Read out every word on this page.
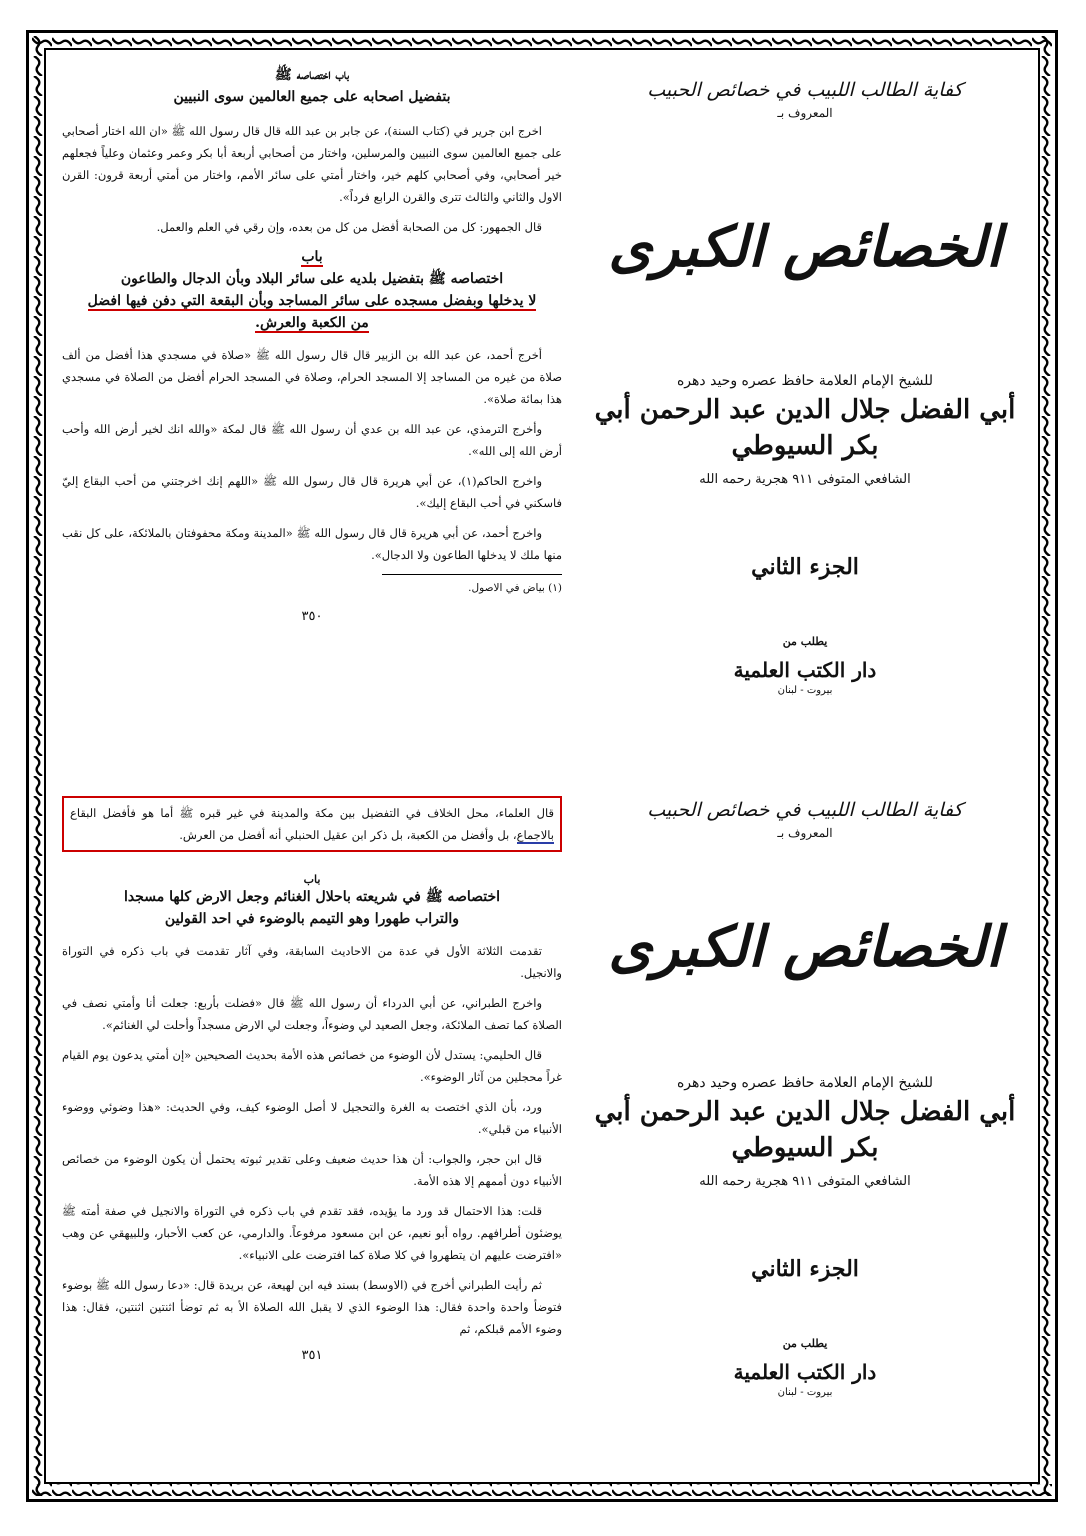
باب اختصاصه ﷺ
بتفضيل اصحابه على جميع العالمين سوى النبيين

اخرج ابن جرير في (كتاب السنة)، عن جابر بن عبد الله قال قال رسول الله ﷺ «ان الله اختار أصحابي على جميع العالمين سوى النبيين والمرسلين، واختار من أصحابي أربعة أبا بكر وعمر وعثمان وعلياً فجعلهم خير أصحابي، وفي أصحابي كلهم خير، واختار أمتي على سائر الأمم، واختار من أمتي أربعة قرون: القرن الاول والثاني والثالث تترى والقرن الرابع فرداً».

قال الجمهور: كل من الصحابة أفضل من كل من بعده، وإن رقي في العلم والعمل.

باب
اختصاصه ﷺ بتفضيل بلديه على سائر البلاد وبأن الدجال والطاعون
لا يدخلها وبفضل مسجده على سائر المساجد وبأن البقعة التي دفن فيها افضل
من الكعبة والعرش.

أخرج أحمد، عن عبد الله بن الزبير قال قال رسول الله ﷺ «صلاة في مسجدي هذا أفضل من ألف صلاة من غيره من المساجد إلا المسجد الحرام، وصلاة في المسجد الحرام أفضل من الصلاة في مسجدي هذا بمائة صلاة».

وأخرج الترمذي، عن عبد الله بن عدي أن رسول الله ﷺ قال لمكة «والله انك لخير أرض الله وأحب أرض الله إلى الله».

واخرج الحاكم(١)، عن أبي هريرة قال قال رسول الله ﷺ «اللهم إنك اخرجتني من أحب البقاع إليّ فاسكني في أحب البقاع إليك».

واخرج أحمد، عن أبي هريرة قال قال رسول الله ﷺ «المدينة ومكة محفوفتان بالملائكة، على كل نقب منها ملك لا يدخلها الطاعون ولا الدجال».

(١) بياض في الاصول.
٣٥٠
قال العلماء، محل الخلاف في التفضيل بين مكة والمدينة في غير قبره ﷺ أما هو فأفضل البقاع بالاجماع، بل وأفضل من الكعبة، بل ذكر ابن عقيل الحنبلي أنه أفضل من العرش.
باب
اختصاصه ﷺ في شريعته باحلال الغنائم وجعل الارض كلها مسجدا
والتراب طهورا وهو التيمم بالوضوء في احد القولين

تقدمت الثلاثة الأول في عدة من الاحاديث السابقة، وفي آثار تقدمت في باب ذكره في التوراة والانجيل.

واخرج الطبراني، عن أبي الدرداء أن رسول الله ﷺ قال «فضلت بأربع: جعلت أنا وأمتي نصف في الصلاة كما تصف الملائكة، وجعل الصعيد لي وضوءاً، وجعلت لي الارض مسجداً وأحلت لي الغنائم».

قال الحليمي: يستدل لأن الوضوء من خصائص هذه الأمة بحديث الصحيحين «إن أمتي يدعون يوم القيام غراً محجلين من آثار الوضوء».

ورد، بأن الذي اختصت به الغرة والتحجيل لا أصل الوضوء كيف، وفي الحديث: «هذا وضوئي ووضوء الأنبياء من قبلي».

قال ابن حجر، والجواب: أن هذا حديث ضعيف وعلى تقدير ثبوته يحتمل أن يكون الوضوء من خصائص الأنبياء دون أممهم إلا هذه الأمة.

قلت: هذا الاحتمال قد ورد ما يؤيده، فقد تقدم في باب ذكره في التوراة والانجيل في صفة أمته ﷺ يوضئون أطرافهم. رواه أبو نعيم، عن ابن مسعود مرفوعاً. والدارمي، عن كعب الأحبار، وللبيهقي عن وهب «افترضت عليهم ان يتطهروا في كلا صلاة كما افترضت على الانبياء».

ثم رأيت الطبراني أخرج في (الاوسط) بسند فيه ابن لهيعة، عن بريدة قال: «دعا رسول الله ﷺ بوضوء فتوضأ واحدة واحدة فقال: هذا الوضوء الذي لا يقبل الله الصلاة الأ به ثم توضأ اثنتين اثنتين، فقال: هذا وضوء الأمم قبلكم، ثم

٣٥١
كفاية الطالب اللبيب في خصائص الحبيب
المعروف بـ
الخصائص الكبرى
للشيخ الإمام العلامة حافظ عصره وحيد دهره
أبي الفضل جلال الدين عبد الرحمن أبي بكر السيوطي
الشافعي المتوفى ٩١١ هجرية رحمه الله
الجزء الثاني
يطلب من
دار الكتب العلمية
بيروت - لبنان
كفاية الطالب اللبيب في خصائص الحبيب
المعروف بـ
الخصائص الكبرى
للشيخ الإمام العلامة حافظ عصره وحيد دهره
أبي الفضل جلال الدين عبد الرحمن أبي بكر السيوطي
الشافعي المتوفى ٩١١ هجرية رحمه الله
الجزء الثاني
يطلب من
دار الكتب العلمية
بيروت - لبنان
